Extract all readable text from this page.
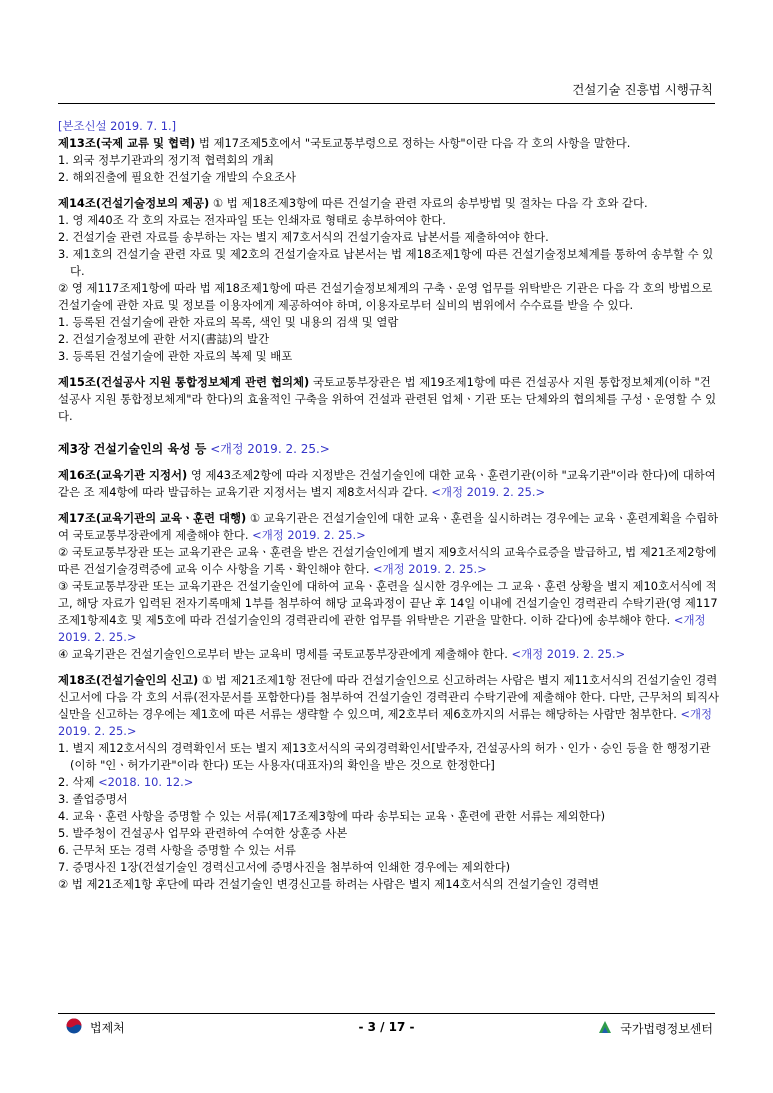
건설기술 진흥법 시행규칙

[본조신설 2019. 7. 1.]

제13조(국제 교류 및 협력) 법 제17조제5호에서 "국토교통부령으로 정하는 사항"이란 다음 각 호의 사항을 말한다.

1. 외국 정부기관과의 정기적 협력회의 개최

2. 해외진출에 필요한 건설기술 개발의 수요조사

제14조(건설기술정보의 제공) ① 법 제18조제3항에 따른 건설기술 관련 자료의 송부방법 및 절차는 다음 각 호와 같다.

1. 영 제40조 각 호의 자료는 전자파일 또는 인쇄자료 형태로 송부하여야 한다.

2. 건설기술 관련 자료를 송부하는 자는 별지 제7호서식의 건설기술자료 납본서를 제출하여야 한다.

3. 제1호의 건설기술 관련 자료 및 제2호의 건설기술자료 납본서는 법 제18조제1항에 따른 건설기술정보체계를 통하여 송부할 수 있다.

② 영 제117조제1항에 따라 법 제18조제1항에 따른 건설기술정보체계의 구축ㆍ운영 업무를 위탁받은 기관은 다음 각 호의 방법으로 건설기술에 관한 자료 및 정보를 이용자에게 제공하여야 하며, 이용자로부터 실비의 범위에서 수수료를 받을 수 있다.

1. 등록된 건설기술에 관한 자료의 목록, 색인 및 내용의 검색 및 열람

2. 건설기술정보에 관한 서지(書誌)의 발간

3. 등록된 건설기술에 관한 자료의 복제 및 배포

제15조(건설공사 지원 통합정보체계 관련 협의체) 국토교통부장관은 법 제19조제1항에 따른 건설공사 지원 통합정보체계(이하 "건설공사 지원 통합정보체계"라 한다)의 효율적인 구축을 위하여 건설과 관련된 업체ㆍ기관 또는 단체와의 협의체를 구성ㆍ운영할 수 있다.

제3장 건설기술인의 육성 등 <개정 2019. 2. 25.>

제16조(교육기관 지정서) 영 제43조제2항에 따라 지정받은 건설기술인에 대한 교육ㆍ훈련기관(이하 "교육기관"이라 한다)에 대하여 같은 조 제4항에 따라 발급하는 교육기관 지정서는 별지 제8호서식과 같다. <개정 2019. 2. 25.>

제17조(교육기관의 교육ㆍ훈련 대행) ① 교육기관은 건설기술인에 대한 교육ㆍ훈련을 실시하려는 경우에는 교육ㆍ훈련계획을 수립하여 국토교통부장관에게 제출해야 한다. <개정 2019. 2. 25.>

② 국토교통부장관 또는 교육기관은 교육ㆍ훈련을 받은 건설기술인에게 별지 제9호서식의 교육수료증을 발급하고, 법 제21조제2항에 따른 건설기술경력증에 교육 이수 사항을 기록ㆍ확인해야 한다. <개정 2019. 2. 25.>

③ 국토교통부장관 또는 교육기관은 건설기술인에 대하여 교육ㆍ훈련을 실시한 경우에는 그 교육ㆍ훈련 상황을 별지 제10호서식에 적고, 해당 자료가 입력된 전자기록매체 1부를 첨부하여 해당 교육과정이 끝난 후 14일 이내에 건설기술인 경력관리 수탁기관(영 제117조제1항제4호 및 제5호에 따라 건설기술인의 경력관리에 관한 업무를 위탁받은 기관을 말한다. 이하 같다)에 송부해야 한다. <개정 2019. 2. 25.>

④ 교육기관은 건설기술인으로부터 받는 교육비 명세를 국토교통부장관에게 제출해야 한다. <개정 2019. 2. 25.>

제18조(건설기술인의 신고) ① 법 제21조제1항 전단에 따라 건설기술인으로 신고하려는 사람은 별지 제11호서식의 건설기술인 경력신고서에 다음 각 호의 서류(전자문서를 포함한다)를 첨부하여 건설기술인 경력관리 수탁기관에 제출해야 한다. 다만, 근무처의 퇴직사실만을 신고하는 경우에는 제1호에 따른 서류는 생략할 수 있으며, 제2호부터 제6호까지의 서류는 해당하는 사람만 첨부한다. <개정 2019. 2. 25.>

1. 별지 제12호서식의 경력확인서 또는 별지 제13호서식의 국외경력확인서[발주자, 건설공사의 허가ㆍ인가ㆍ승인 등을 한 행정기관(이하 "인ㆍ허가기관"이라 한다) 또는 사용자(대표자)의 확인을 받은 것으로 한정한다]

2. 삭제 <2018. 10. 12.>

3. 졸업증명서

4. 교육ㆍ훈련 사항을 증명할 수 있는 서류(제17조제3항에 따라 송부되는 교육ㆍ훈련에 관한 서류는 제외한다)

5. 발주청이 건설공사 업무와 관련하여 수여한 상훈증 사본

6. 근무처 또는 경력 사항을 증명할 수 있는 서류

7. 증명사진 1장(건설기술인 경력신고서에 증명사진을 첨부하여 인쇄한 경우에는 제외한다)

② 법 제21조제1항 후단에 따라 건설기술인 변경신고를 하려는 사람은 별지 제14호서식의 건설기술인 경력변

법제처	- 3 / 17 -	국가법령정보센터
